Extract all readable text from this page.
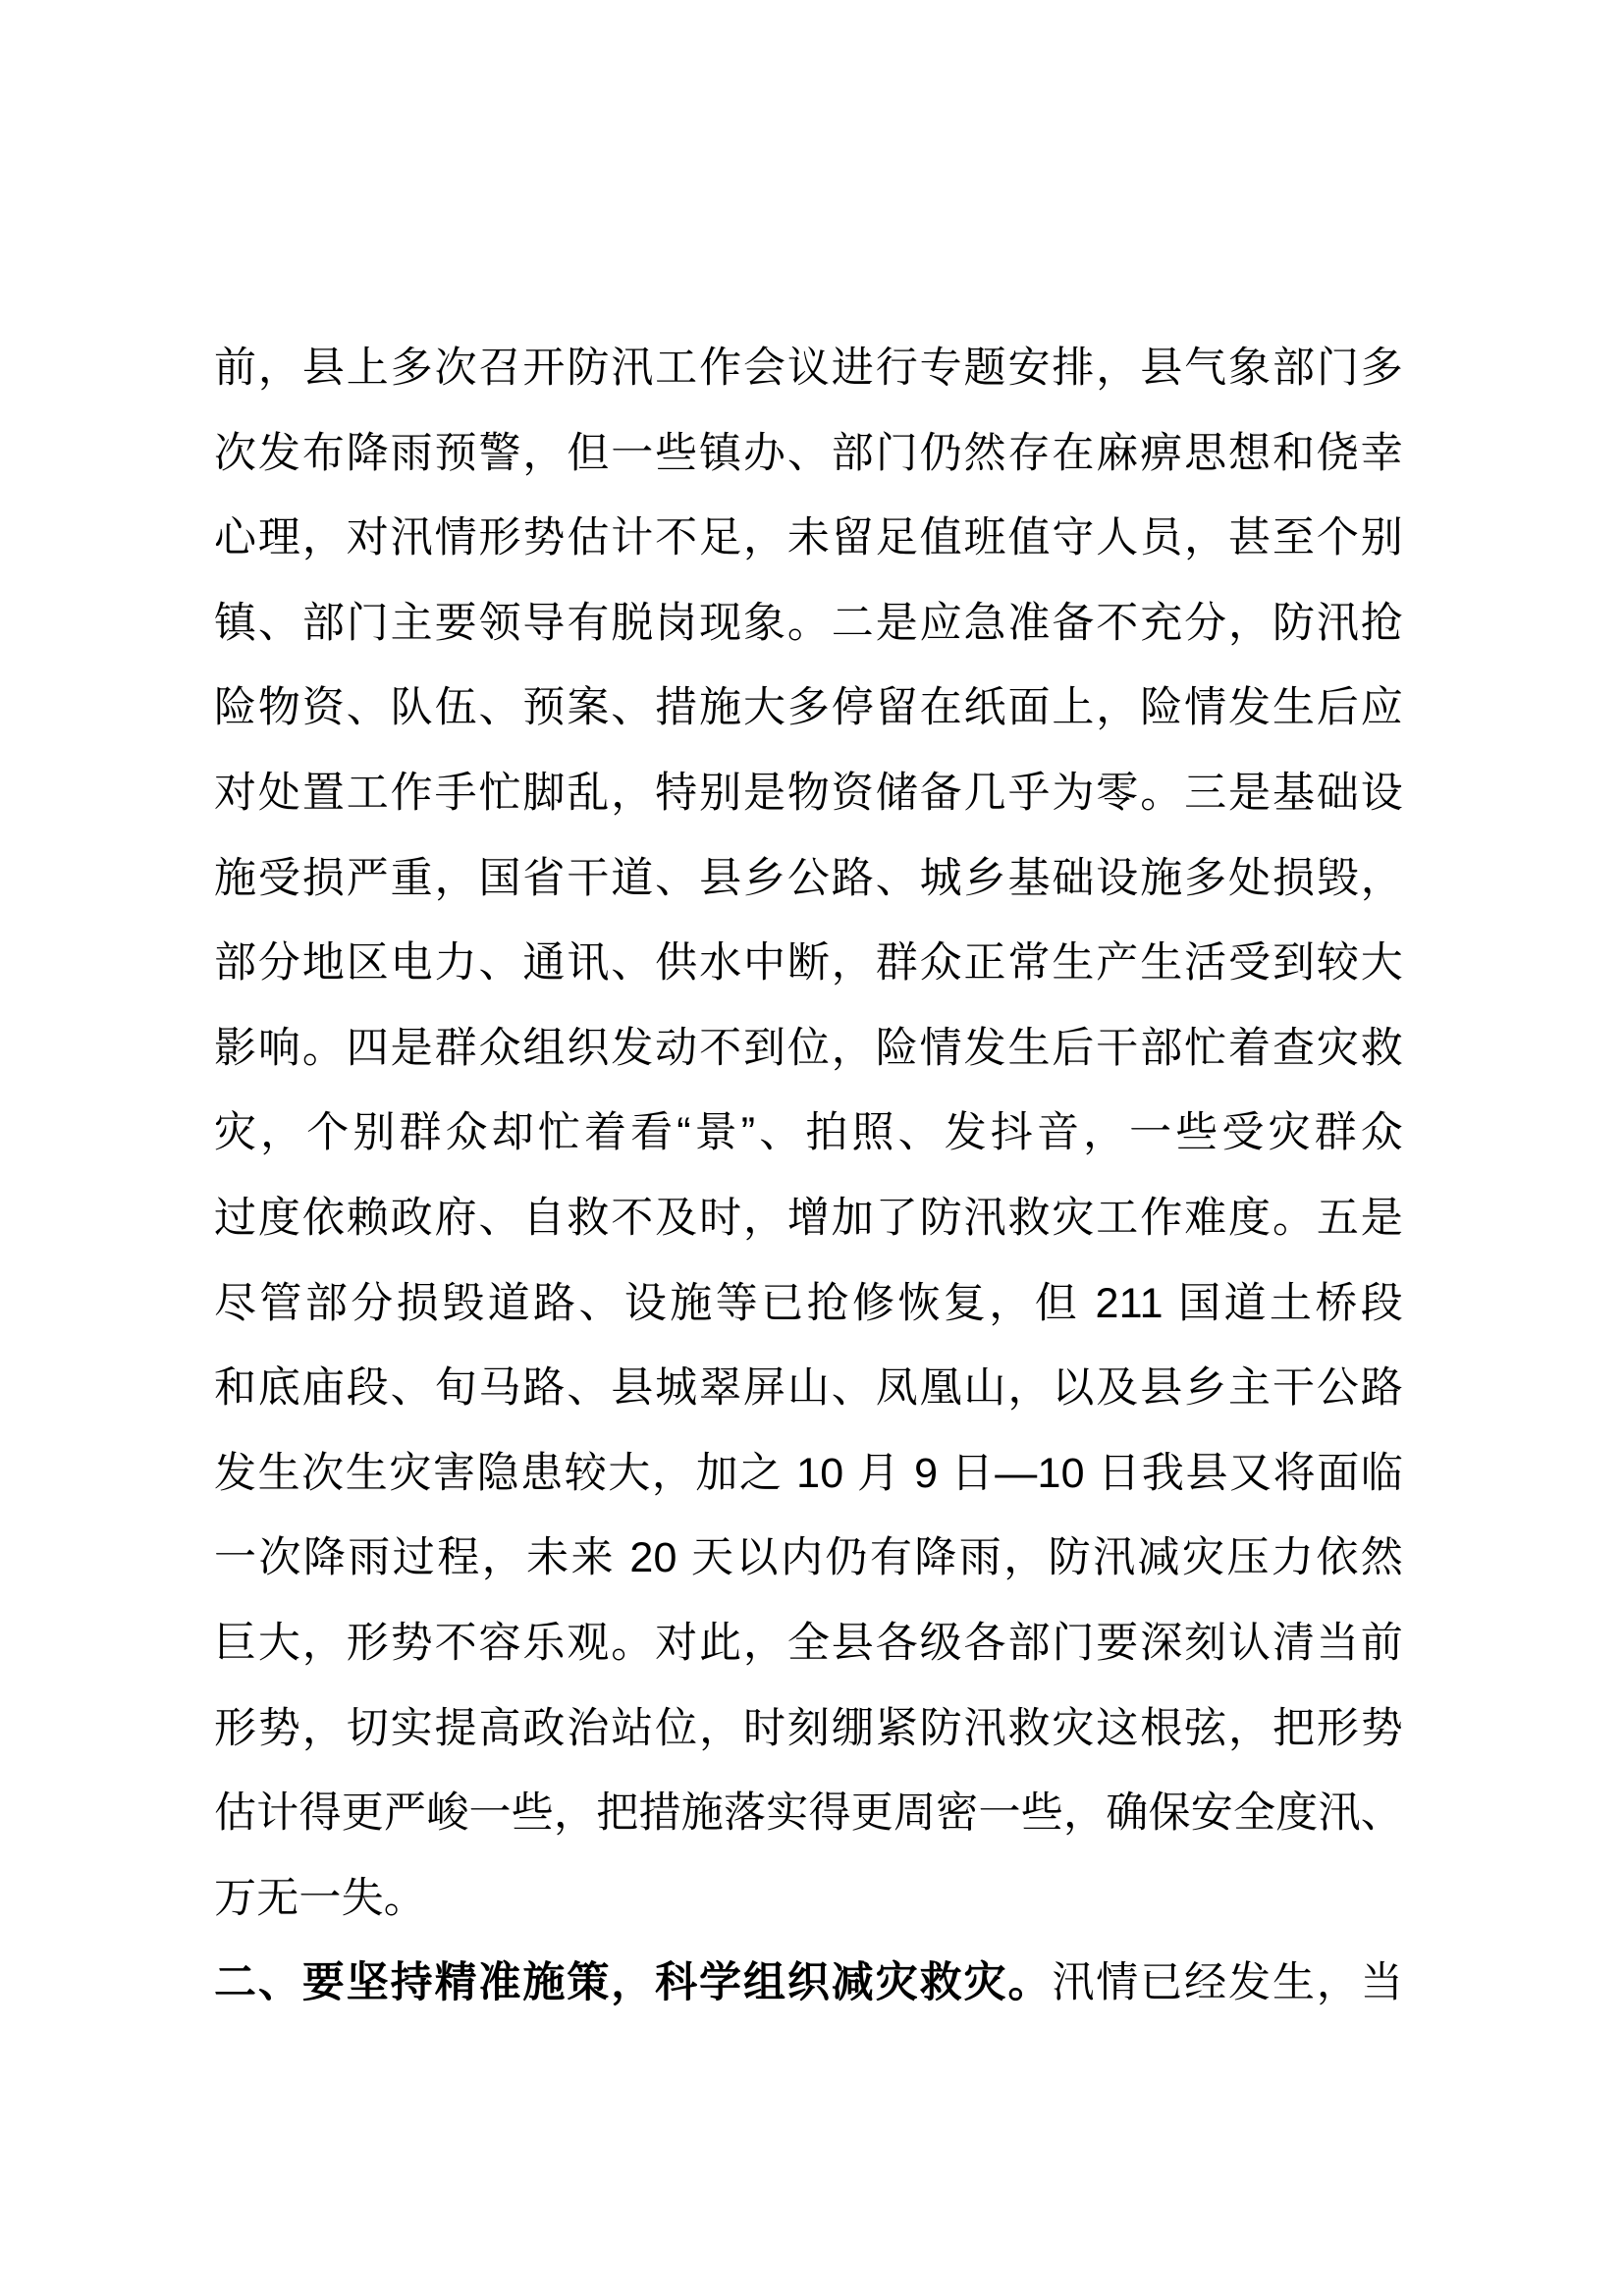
前，县上多次召开防汛工作会议进行专题安排，县气象部门多
次发布降雨预警，但一些镇办、部门仍然存在麻痹思想和侥幸
心理，对汛情形势估计不足，未留足值班值守人员，甚至个别
镇、部门主要领导有脱岗现象。二是应急准备不充分，防汛抢
险物资、队伍、预案、措施大多停留在纸面上，险情发生后应
对处置工作手忙脚乱，特别是物资储备几乎为零。三是基础设
施受损严重，国省干道、县乡公路、城乡基础设施多处损毁，
部分地区电力、通讯、供水中断，群众正常生产生活受到较大
影响。四是群众组织发动不到位，险情发生后干部忙着查灾救
灾，个别群众却忙着看“景”、拍照、发抖音，一些受灾群众
过度依赖政府、自救不及时，增加了防汛救灾工作难度。五是
尽管部分损毁道路、设施等已抢修恢复，但 211 国道土桥段
和底庙段、旬马路、县城翠屏山、凤凰山，以及县乡主干公路
发生次生灾害隐患较大，加之 10 月 9 日—10 日我县又将面临
一次降雨过程，未来 20 天以内仍有降雨，防汛减灾压力依然
巨大，形势不容乐观。对此，全县各级各部门要深刻认清当前
形势，切实提高政治站位，时刻绷紧防汛救灾这根弦，把形势
估计得更严峻一些，把措施落实得更周密一些，确保安全度汛、
万无一失。
二、要坚持精准施策，科学组织减灾救灾。汛情已经发生，当
